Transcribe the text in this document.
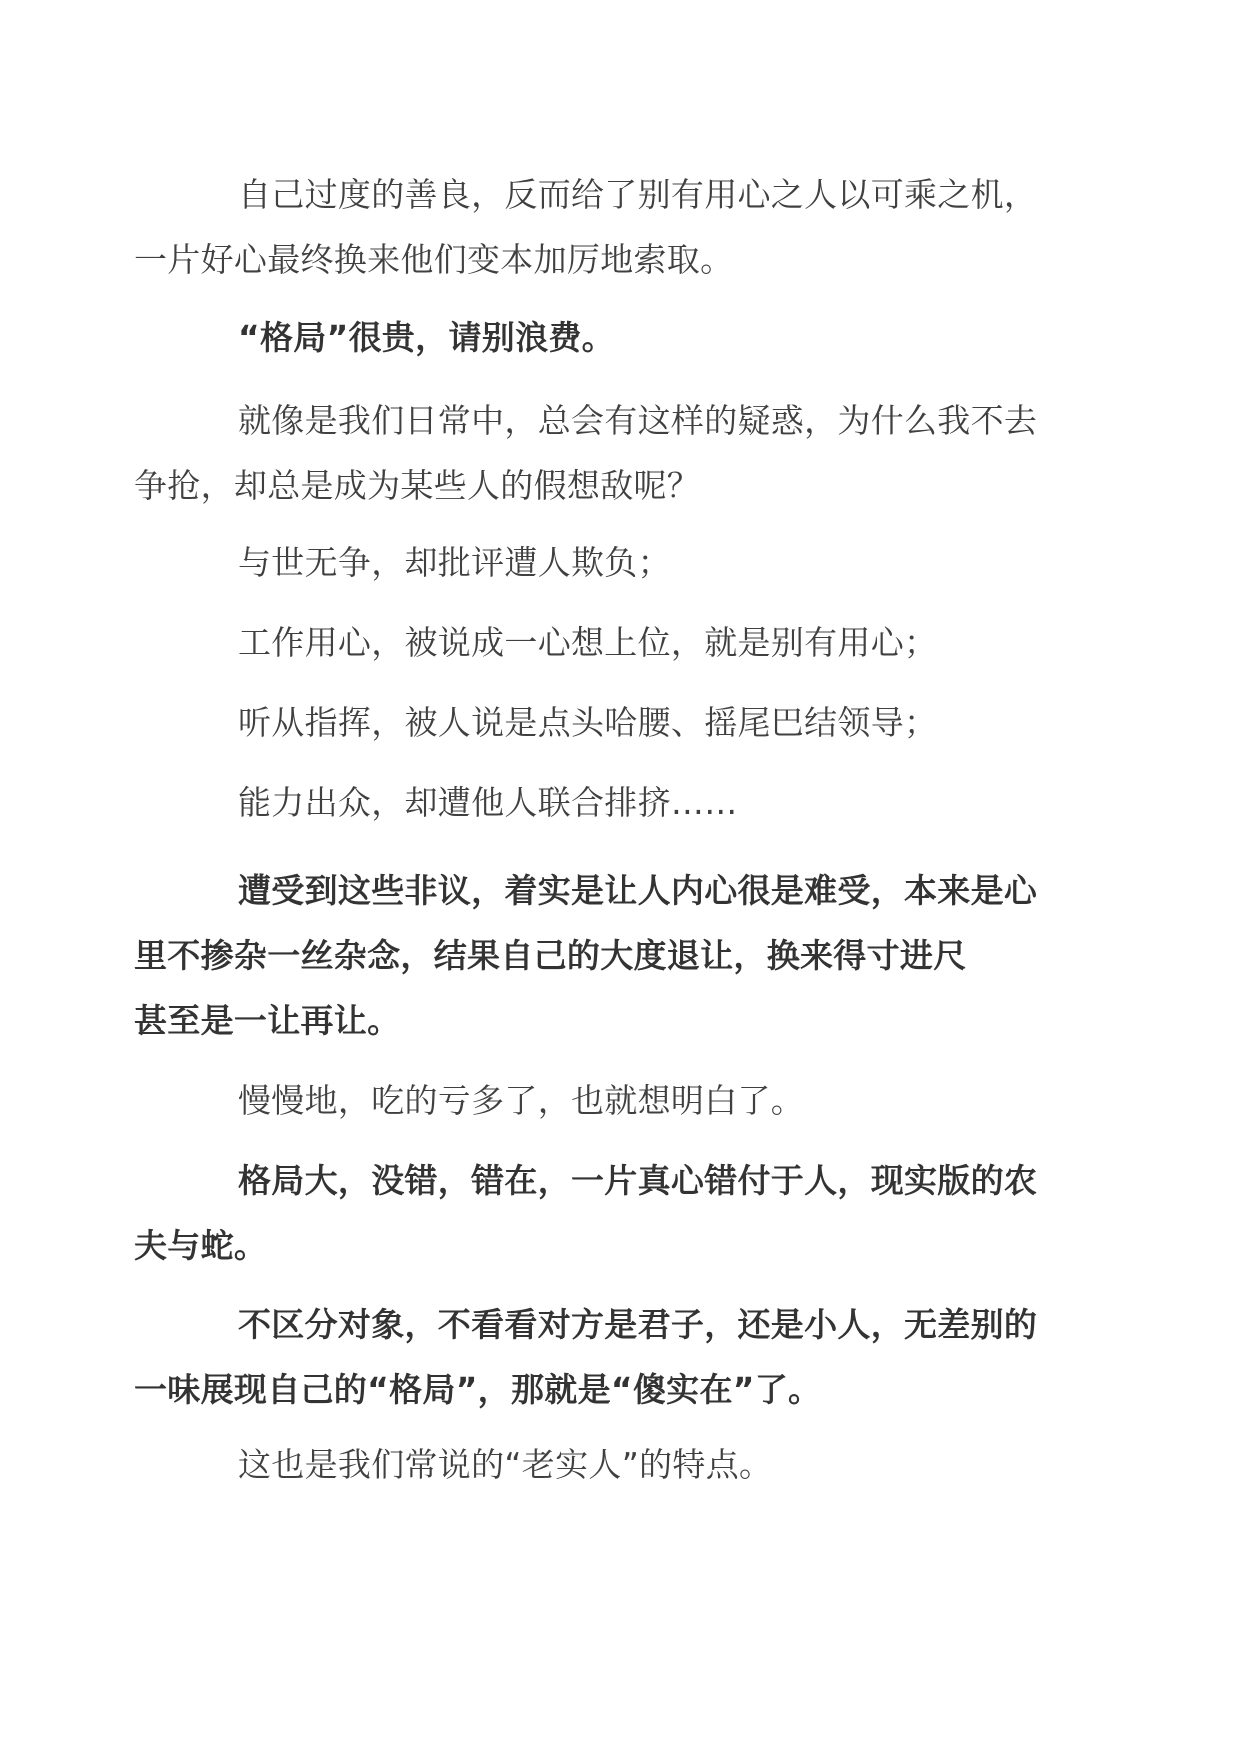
自己过度的善良，反而给了别有用心之人以可乘之机，
一片好心最终换来他们变本加厉地索取。

“格局”很贵，请别浪费。

就像是我们日常中，总会有这样的疑惑，为什么我不去
争抢，却总是成为某些人的假想敌呢？

与世无争，却批评遭人欺负；

工作用心，被说成一心想上位，就是别有用心；

听从指挥，被人说是点头哈腰、摇尾巴结领导；

能力出众，却遭他人联合排挤……

遭受到这些非议，着实是让人内心很是难受，本来是心
里不掺杂一丝杂念，结果自己的大度退让，换来得寸进尺
甚至是一让再让。

慢慢地，吃的亏多了，也就想明白了。

格局大，没错，错在，一片真心错付于人，现实版的农
夫与蛇。

不区分对象，不看看对方是君子，还是小人，无差别的
一味展现自己的“格局”，那就是“傻实在”了。

这也是我们常说的“老实人”的特点。
